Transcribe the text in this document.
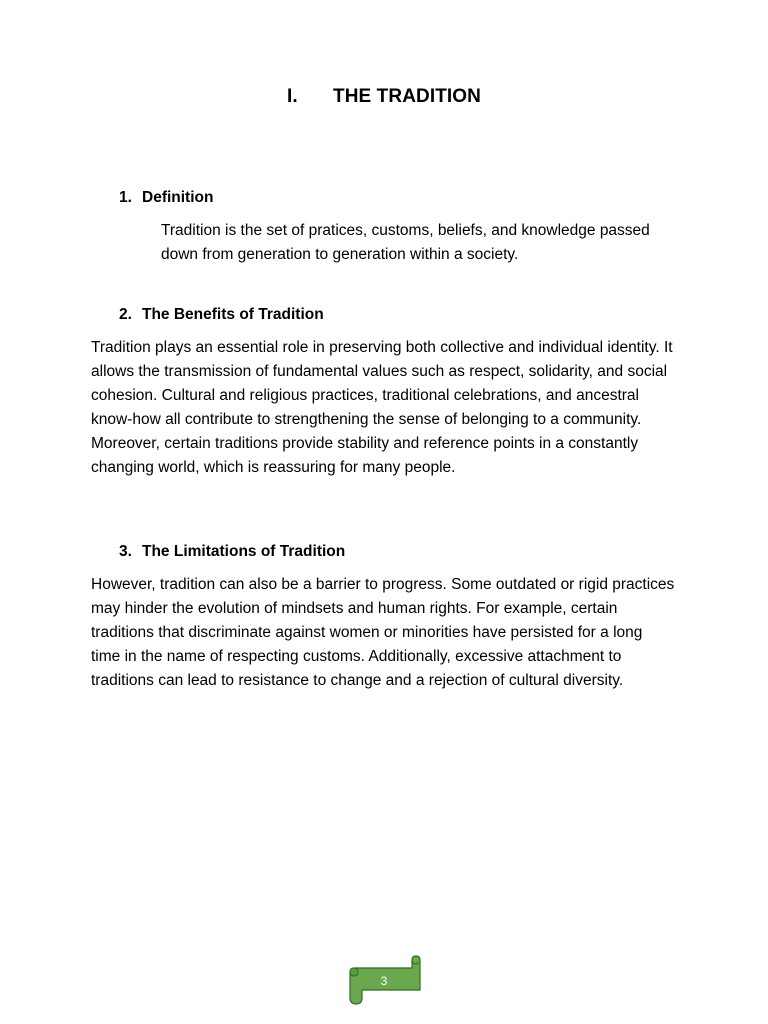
I. THE TRADITION
1. Definition
Tradition is the set of pratices, customs, beliefs, and knowledge passed down from generation to generation within a society.
2. The Benefits of Tradition
Tradition plays an essential role in preserving both collective and individual identity. It allows the transmission of fundamental values such as respect, solidarity, and social cohesion. Cultural and religious practices, traditional celebrations, and ancestral know-how all contribute to strengthening the sense of belonging to a community. Moreover, certain traditions provide stability and reference points in a constantly changing world, which is reassuring for many people.
3. The Limitations of Tradition
However, tradition can also be a barrier to progress. Some outdated or rigid practices may hinder the evolution of mindsets and human rights. For example, certain traditions that discriminate against women or minorities have persisted for a long time in the name of respecting customs. Additionally, excessive attachment to traditions can lead to resistance to change and a rejection of cultural diversity.
3
